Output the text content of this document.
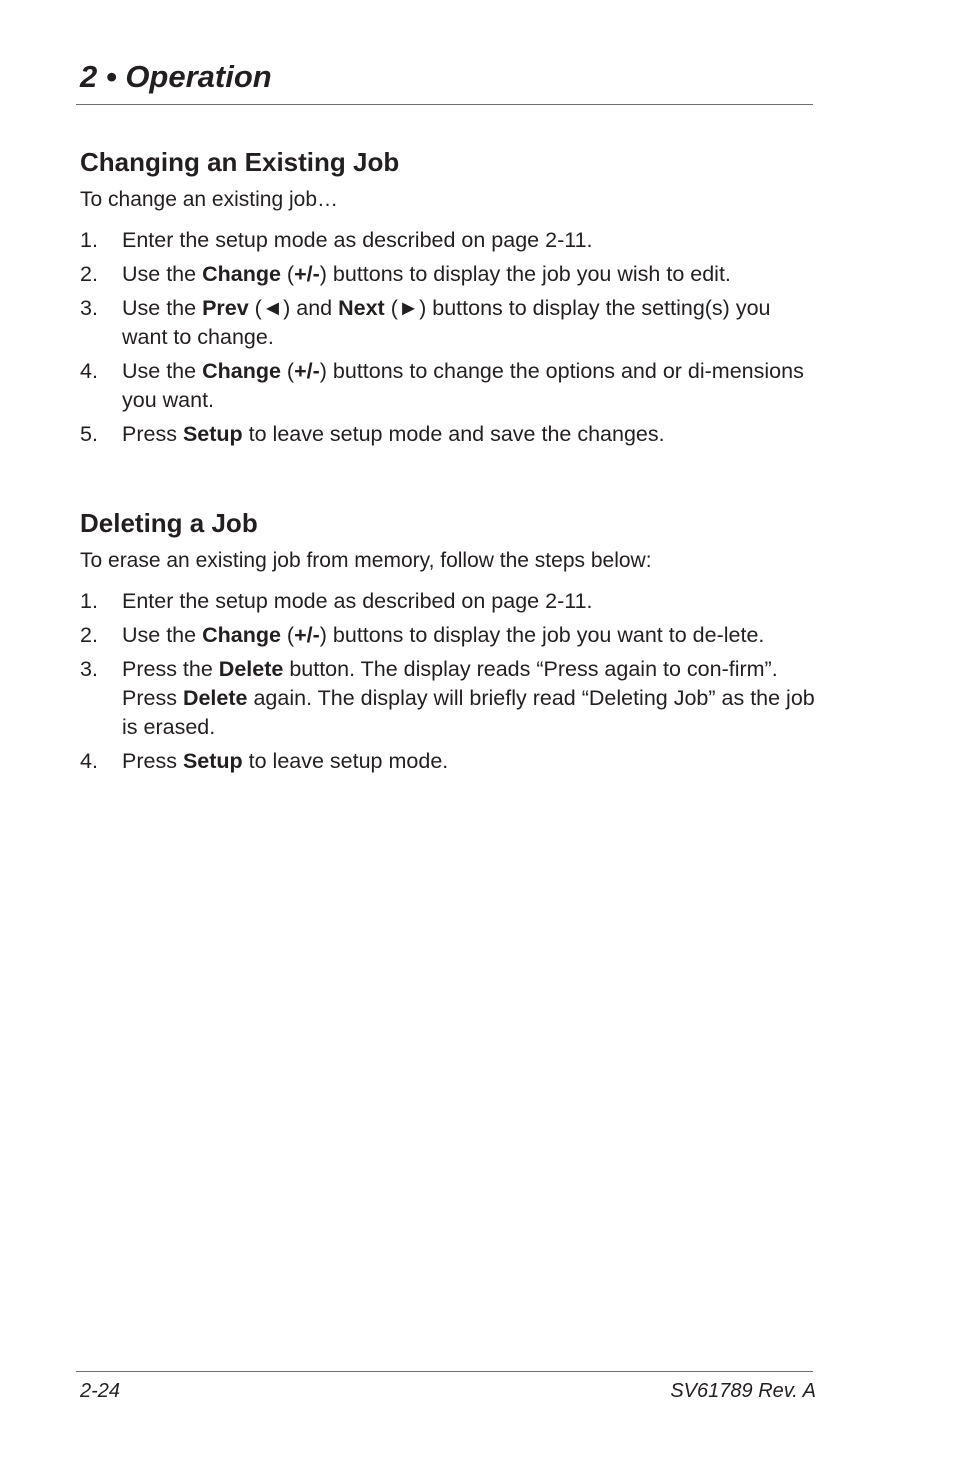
2 • Operation
Changing an Existing Job

To change an existing job…

1.	Enter the setup mode as described on page 2-11.
2.	Use the Change (+/-) buttons to display the job you wish to edit.
3.	Use the Prev (◄) and Next (►) buttons to display the setting(s) you want to change.
4.	Use the Change (+/-) buttons to change the options and or di-mensions you want.
5.	Press Setup to leave setup mode and save the changes.
Deleting a Job

To erase an existing job from memory, follow the steps below:

1.	Enter the setup mode as described on page 2-11.
2.	Use the Change (+/-) buttons to display the job you want to de-lete.
3.	Press the Delete button. The display reads “Press again to con-firm”. Press Delete again. The display will briefly read “Deleting Job” as the job is erased.
4.	Press Setup to leave setup mode.
2-24	SV61789 Rev. A
